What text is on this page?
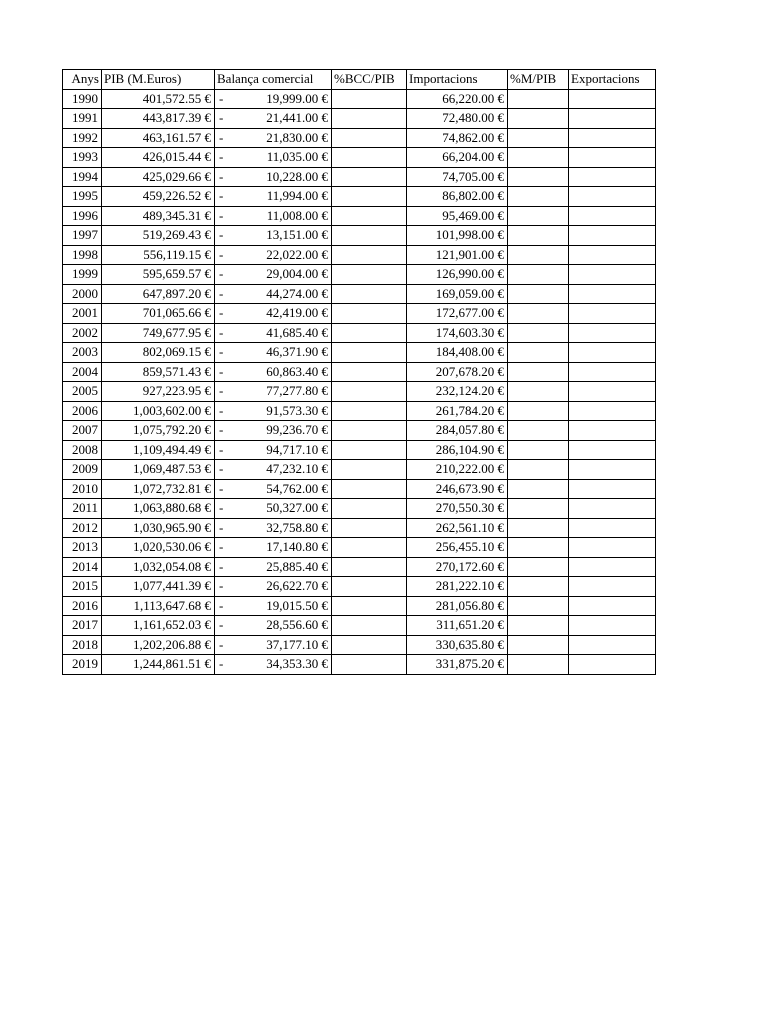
Anys	PIB (M.Euros)	Balança comercial	%BCC/PIB	Importacions	%M/PIB	Exportacions
1990	401,572.55 €	- 19,999.00 €		66,220.00 €		
1991	443,817.39 €	- 21,441.00 €		72,480.00 €		
1992	463,161.57 €	- 21,830.00 €		74,862.00 €		
1993	426,015.44 €	- 11,035.00 €		66,204.00 €		
1994	425,029.66 €	- 10,228.00 €		74,705.00 €		
1995	459,226.52 €	- 11,994.00 €		86,802.00 €		
1996	489,345.31 €	- 11,008.00 €		95,469.00 €		
1997	519,269.43 €	- 13,151.00 €		101,998.00 €		
1998	556,119.15 €	- 22,022.00 €		121,901.00 €		
1999	595,659.57 €	- 29,004.00 €		126,990.00 €		
2000	647,897.20 €	- 44,274.00 €		169,059.00 €		
2001	701,065.66 €	- 42,419.00 €		172,677.00 €		
2002	749,677.95 €	- 41,685.40 €		174,603.30 €		
2003	802,069.15 €	- 46,371.90 €		184,408.00 €		
2004	859,571.43 €	- 60,863.40 €		207,678.20 €		
2005	927,223.95 €	- 77,277.80 €		232,124.20 €		
2006	1,003,602.00 €	- 91,573.30 €		261,784.20 €		
2007	1,075,792.20 €	- 99,236.70 €		284,057.80 €		
2008	1,109,494.49 €	- 94,717.10 €		286,104.90 €		
2009	1,069,487.53 €	- 47,232.10 €		210,222.00 €		
2010	1,072,732.81 €	- 54,762.00 €		246,673.90 €		
2011	1,063,880.68 €	- 50,327.00 €		270,550.30 €		
2012	1,030,965.90 €	- 32,758.80 €		262,561.10 €		
2013	1,020,530.06 €	- 17,140.80 €		256,455.10 €		
2014	1,032,054.08 €	- 25,885.40 €		270,172.60 €		
2015	1,077,441.39 €	- 26,622.70 €		281,222.10 €		
2016	1,113,647.68 €	- 19,015.50 €		281,056.80 €		
2017	1,161,652.03 €	- 28,556.60 €		311,651.20 €		
2018	1,202,206.88 €	- 37,177.10 €		330,635.80 €		
2019	1,244,861.51 €	- 34,353.30 €		331,875.20 €		
